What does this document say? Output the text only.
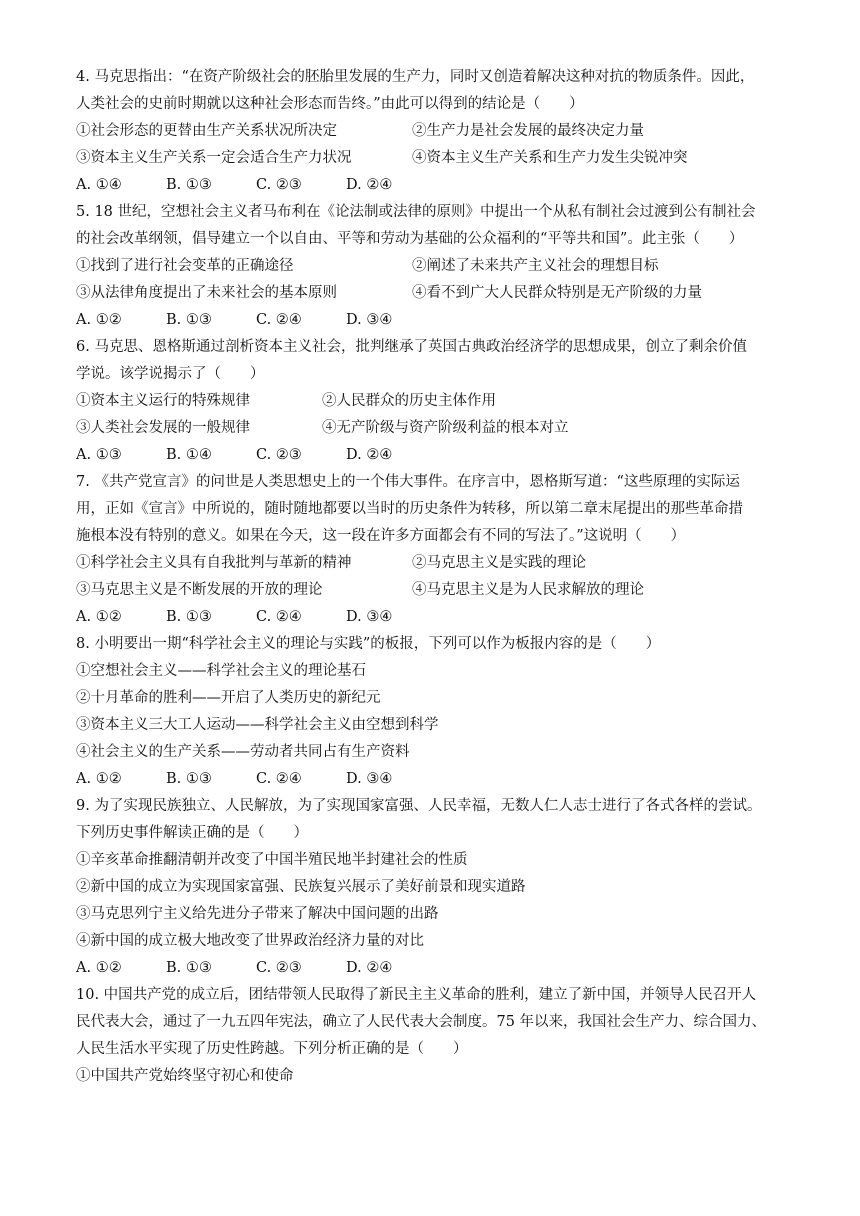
4. 马克思指出：“在资产阶级社会的胚胎里发展的生产力，同时又创造着解决这种对抗的物质条件。因此，
人类社会的史前时期就以这种社会形态而告终。”由此可以得到的结论是（　　）
①社会形态的更替由生产关系状况所决定	②生产力是社会发展的最终决定力量
③资本主义生产关系一定会适合生产力状况	④资本主义生产关系和生产力发生尖锐冲突
A. ①④	B. ①③	C. ②③	D. ②④
5. 18 世纪，空想社会主义者马布利在《论法制或法律的原则》中提出一个从私有制社会过渡到公有制社会
的社会改革纲领，倡导建立一个以自由、平等和劳动为基础的公众福利的“平等共和国”。此主张（　　）
①找到了进行社会变革的正确途径	②阐述了未来共产主义社会的理想目标
③从法律角度提出了未来社会的基本原则	④看不到广大人民群众特别是无产阶级的力量
A. ①②	B. ①③	C. ②④	D. ③④
6. 马克思、恩格斯通过剖析资本主义社会，批判继承了英国古典政治经济学的思想成果，创立了剩余价值
学说。该学说揭示了（　　）
①资本主义运行的特殊规律	②人民群众的历史主体作用
③人类社会发展的一般规律	④无产阶级与资产阶级利益的根本对立
A. ①③	B. ①④	C. ②③	D. ②④
7. 《共产党宣言》的问世是人类思想史上的一个伟大事件。在序言中，恩格斯写道：“这些原理的实际运
用，正如《宣言》中所说的，随时随地都要以当时的历史条件为转移，所以第二章末尾提出的那些革命措
施根本没有特别的意义。如果在今天，这一段在许多方面都会有不同的写法了。”这说明（　　）
①科学社会主义具有自我批判与革新的精神	②马克思主义是实践的理论
③马克思主义是不断发展的开放的理论	④马克思主义是为人民求解放的理论
A. ①②	B. ①③	C. ②④	D. ③④
8. 小明要出一期“科学社会主义的理论与实践”的板报，下列可以作为板报内容的是（　　）
①空想社会主义——科学社会主义的理论基石
②十月革命的胜利——开启了人类历史的新纪元
③资本主义三大工人运动——科学社会主义由空想到科学
④社会主义的生产关系——劳动者共同占有生产资料
A. ①②	B. ①③	C. ②④	D. ③④
9. 为了实现民族独立、人民解放，为了实现国家富强、人民幸福，无数人仁人志士进行了各式各样的尝试。
下列历史事件解读正确的是（　　）
①辛亥革命推翻清朝并改变了中国半殖民地半封建社会的性质
②新中国的成立为实现国家富强、民族复兴展示了美好前景和现实道路
③马克思列宁主义给先进分子带来了解决中国问题的出路
④新中国的成立极大地改变了世界政治经济力量的对比
A. ①②	B. ①③	C. ②③	D. ②④
10. 中国共产党的成立后，团结带领人民取得了新民主主义革命的胜利，建立了新中国，并领导人民召开人
民代表大会，通过了一九五四年宪法，确立了人民代表大会制度。75 年以来，我国社会生产力、综合国力、
人民生活水平实现了历史性跨越。下列分析正确的是（　　）
①中国共产党始终坚守初心和使命
